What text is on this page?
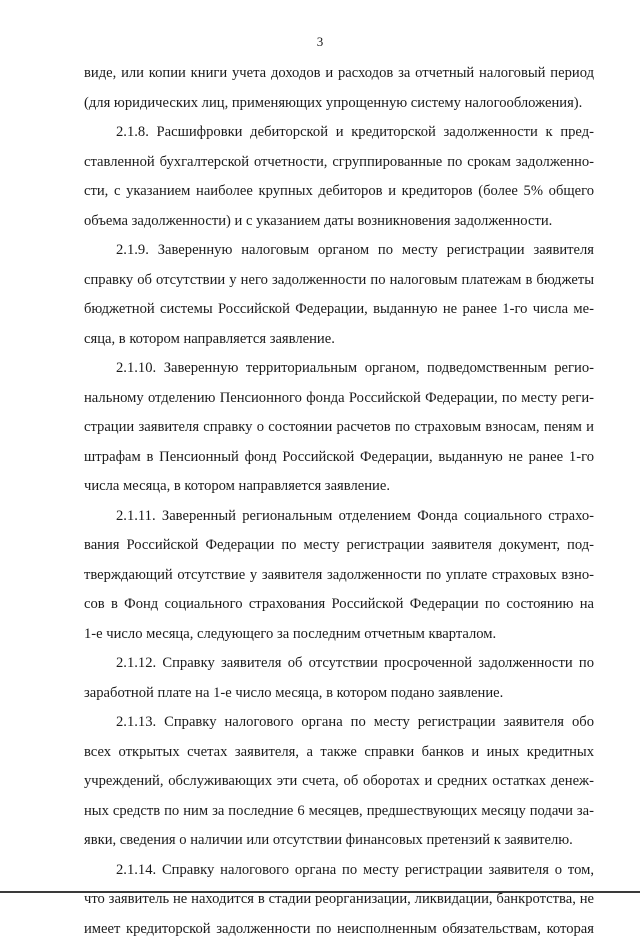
3
виде, или копии книги учета доходов и расходов за отчетный налоговый период
(для юридических лиц, применяющих упрощенную систему налогообложения).
2.1.8. Расшифровки дебиторской и кредиторской задолженности к пред-
ставленной бухгалтерской отчетности, сгруппированные по срокам задолженно-
сти, с указанием наиболее крупных дебиторов и кредиторов (более 5% общего
объема задолженности) и с указанием даты возникновения задолженности.
2.1.9. Заверенную налоговым органом по месту регистрации заявителя
справку об отсутствии у него задолженности по налоговым платежам в бюджеты
бюджетной системы Российской Федерации, выданную не ранее 1-го числа ме-
сяца, в котором направляется заявление.
2.1.10. Заверенную территориальным органом, подведомственным регио-
нальному отделению Пенсионного фонда Российской Федерации, по месту реги-
страции заявителя справку о состоянии расчетов по страховым взносам, пеням и
штрафам в Пенсионный фонд Российской Федерации, выданную не ранее 1-го
числа месяца, в котором направляется заявление.
2.1.11. Заверенный региональным отделением Фонда социального страхо-
вания Российской Федерации по месту регистрации заявителя документ, под-
тверждающий отсутствие у заявителя задолженности по уплате страховых взно-
сов в Фонд социального страхования Российской Федерации по состоянию на
1-е число месяца, следующего за последним отчетным кварталом.
2.1.12. Справку заявителя об отсутствии просроченной задолженности по
заработной плате на 1-е число месяца, в котором подано заявление.
2.1.13. Справку налогового органа по месту регистрации заявителя обо
всех открытых счетах заявителя, а также справки банков и иных кредитных
учреждений, обслуживающих эти счета, об оборотах и средних остатках денеж-
ных средств по ним за последние 6 месяцев, предшествующих месяцу подачи за-
явки, сведения о наличии или отсутствии финансовых претензий к заявителю.
2.1.14. Справку налогового органа по месту регистрации заявителя о том,
что заявитель не находится в стадии реорганизации, ликвидации, банкротства, не
имеет кредиторской задолженности по неисполненным обязательствам, которая
